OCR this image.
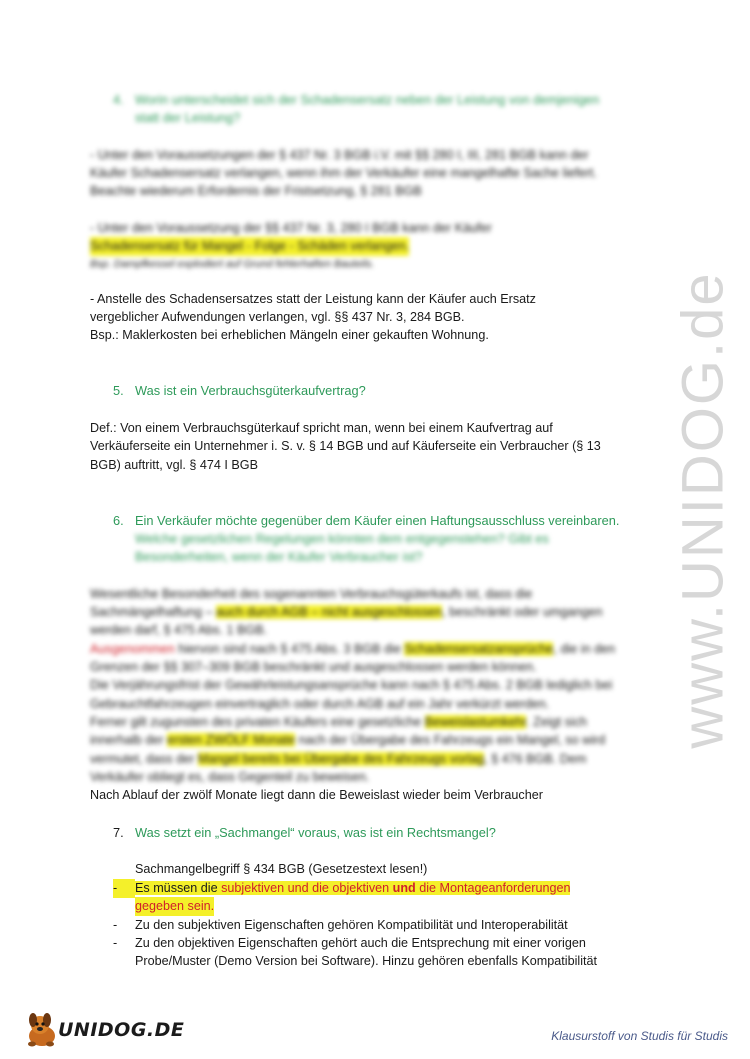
4. Worin unterscheidet sich der Schadensersatz neben der Leistung von demjenigen
statt der Leistung?
- Unter den Voraussetzungen der § 437 Nr. 3 BGB i.V. mit §§ 280 I, III, 281 BGB kann der
Käufer Schadensersatz verlangen, wenn ihm der Verkäufer eine mangelhafte Sache liefert.
Beachte wiederum Erfordernis der Fristsetzung, § 281 BGB
- Unter den Voraussetzung der §§ 437 Nr. 3, 280 I BGB kann der Käufer
Schadensersatz für Mangel - Folge - Schäden verlangen.
Bsp. Dampfkessel explodiert auf Grund fehlerhaften Bauteils.
- Anstelle des Schadensersatzes statt der Leistung kann der Käufer auch Ersatz
vergeblicher Aufwendungen verlangen, vgl. §§ 437 Nr. 3, 284 BGB.
Bsp.: Maklerkosten bei erheblichen Mängeln einer gekauften Wohnung.
5. Was ist ein Verbrauchsgüterkaufvertrag?
Def.: Von einem Verbrauchsgüterkauf spricht man, wenn bei einem Kaufvertrag auf
Verkäuferseite ein Unternehmer i. S. v. § 14 BGB und auf Käuferseite ein Verbraucher (§ 13
BGB) auftritt, vgl. § 474 I BGB
6. Ein Verkäufer möchte gegenüber dem Käufer einen Haftungsausschluss vereinbaren.
Welche gesetzlichen Regelungen könnten dem entgegenstehen? Gibt es
Besonderheiten, wenn der Käufer Verbraucher ist?
Wesentliche Besonderheit des sogenannten Verbrauchsgüterkaufs ist, dass die
Sachmängelhaftung – auch durch AGB – nicht ausgeschlossen, beschränkt oder umgangen
werden darf, § 475 Abs. 1 BGB.
Ausgenommen hiervon sind nach § 475 Abs. 3 BGB die Schadensersatzansprüche, die in den
Grenzen der §§ 307–309 BGB beschränkt und ausgeschlossen werden können.
Die Verjährungsfrist der Gewährleistungsansprüche kann nach § 475 Abs. 2 BGB lediglich bei
Gebrauchtfahrzeugen einvertraglich oder durch AGB auf ein Jahr verkürzt werden.
Ferner gilt zugunsten des privaten Käufers eine gesetzliche Beweislastumkehr. Zeigt sich
innerhalb der ersten ZWÖLF Monate nach der Übergabe des Fahrzeugs ein Mangel, so wird
vermutet, dass der Mangel bereits bei Übergabe des Fahrzeugs vorlag, § 476 BGB. Dem
Verkäufer obliegt es, dass Gegenteil zu beweisen.
Nach Ablauf der zwölf Monate liegt dann die Beweislast wieder beim Verbraucher
7. Was setzt ein „Sachmangel“ voraus, was ist ein Rechtsmangel?
Sachmangelbegriff § 434 BGB (Gesetzestext lesen!)
-	Es müssen die subjektiven und die objektiven und die Montageanforderungen
gegeben sein.
- Zu den subjektiven Eigenschaften gehören Kompatibilität und Interoperabilität
- Zu den objektiven Eigenschaften gehört auch die Entsprechung mit einer vorigen
Probe/Muster (Demo Version bei Software). Hinzu gehören ebenfalls Kompatibilität
www.UNIDOG.de
UNIDOG.DE	Klausurstoff von Studis für Studis
